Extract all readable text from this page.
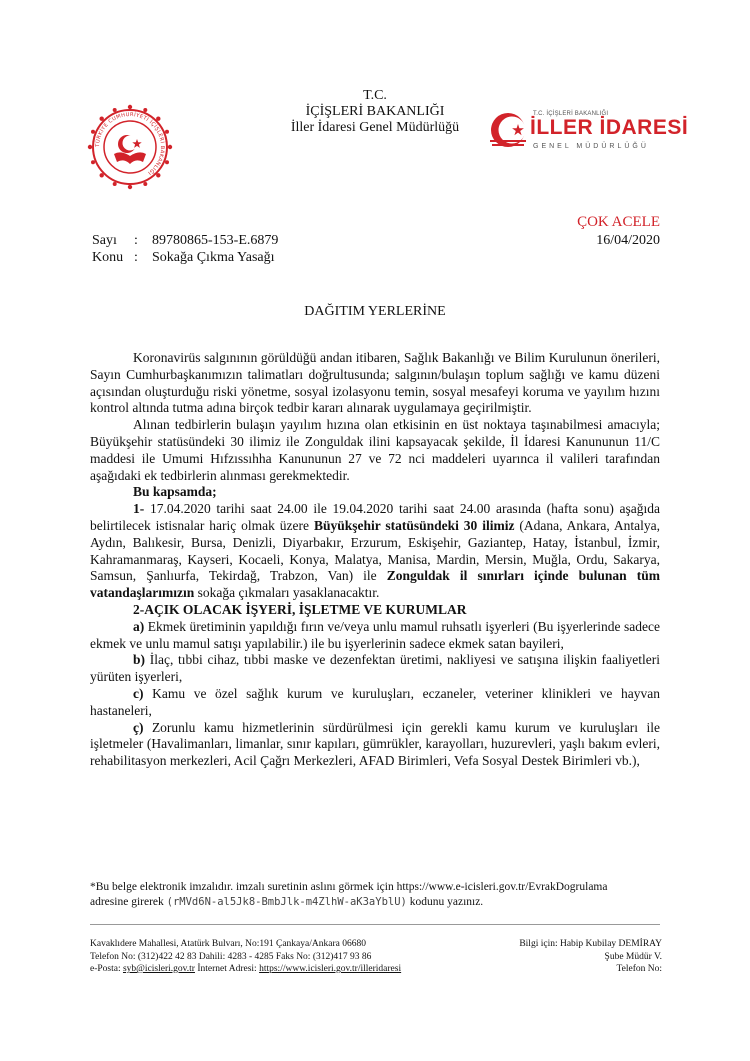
T.C.
İÇİŞLERİ BAKANLIĞI
İller İdaresi Genel Müdürlüğü
TÜRKİYE CUMHURİYETİ İÇİŞLERİ BAKANLIĞI
T.C. İÇİŞLERİ BAKANLIĞI
İLLER İDARESİ
GENEL MÜDÜRLÜĞÜ
ÇOK ACELE
16/04/2020
Sayı : 89780865-153-E.6879
Konu : Sokağa Çıkma Yasağı
DAĞITIM YERLERİNE

Koronavirüs salgınının görüldüğü andan itibaren, Sağlık Bakanlığı ve Bilim Kurulunun önerileri, Sayın Cumhurbaşkanımızın talimatları doğrultusunda; salgının/bulaşın toplum sağlığı ve kamu düzeni açısından oluşturduğu riski yönetme, sosyal izolasyonu temin, sosyal mesafeyi koruma ve yayılım hızını kontrol altında tutma adına birçok tedbir kararı alınarak uygulamaya geçirilmiştir.

Alınan tedbirlerin bulaşın yayılım hızına olan etkisinin en üst noktaya taşınabilmesi amacıyla; Büyükşehir statüsündeki 30 ilimiz ile Zonguldak ilini kapsayacak şekilde, İl İdaresi Kanununun 11/C maddesi ile Umumi Hıfzıssıhha Kanununun 27 ve 72 nci maddeleri uyarınca il valileri tarafından aşağıdaki ek tedbirlerin alınması gerekmektedir.

Bu kapsamda;

1- 17.04.2020 tarihi saat 24.00 ile 19.04.2020 tarihi saat 24.00 arasında (hafta sonu) aşağıda belirtilecek istisnalar hariç olmak üzere Büyükşehir statüsündeki 30 ilimiz (Adana, Ankara, Antalya, Aydın, Balıkesir, Bursa, Denizli, Diyarbakır, Erzurum, Eskişehir, Gaziantep, Hatay, İstanbul, İzmir, Kahramanmaraş, Kayseri, Kocaeli, Konya, Malatya, Manisa, Mardin, Mersin, Muğla, Ordu, Sakarya, Samsun, Şanlıurfa, Tekirdağ, Trabzon, Van) ile Zonguldak il sınırları içinde bulunan tüm vatandaşlarımızın sokağa çıkmaları yasaklanacaktır.

2-AÇIK OLACAK İŞYERİ, İŞLETME VE KURUMLAR

a) Ekmek üretiminin yapıldığı fırın ve/veya unlu mamul ruhsatlı işyerleri (Bu işyerlerinde sadece ekmek ve unlu mamul satışı yapılabilir.) ile bu işyerlerinin sadece ekmek satan bayileri,

b) İlaç, tıbbi cihaz, tıbbi maske ve dezenfektan üretimi, nakliyesi ve satışına ilişkin faaliyetleri yürüten işyerleri,

c) Kamu ve özel sağlık kurum ve kuruluşları, eczaneler, veteriner klinikleri ve hayvan hastaneleri,

ç) Zorunlu kamu hizmetlerinin sürdürülmesi için gerekli kamu kurum ve kuruluşları ile işletmeler (Havalimanları, limanlar, sınır kapıları, gümrükler, karayolları, huzurevleri, yaşlı bakım evleri, rehabilitasyon merkezleri, Acil Çağrı Merkezleri, AFAD Birimleri, Vefa Sosyal Destek Birimleri vb.),

*Bu belge elektronik imzalıdır. imzalı suretinin aslını görmek için https://www.e-icisleri.gov.tr/EvrakDogrulama
adresine girerek (rMVd6N-al5Jk8-BmbJlk-m4ZlhW-aK3aYblU) kodunu yazınız.
Kavaklıdere Mahallesi, Atatürk Bulvarı, No:191 Çankaya/Ankara 06680
Telefon No: (312)422 42 83 Dahili: 4283 - 4285 Faks No: (312)417 93 86
e-Posta: syb@icisleri.gov.tr İnternet Adresi: https://www.icisleri.gov.tr/illeridaresi
Bilgi için: Habip Kubilay DEMİRAY
Şube Müdür V.
Telefon No:
